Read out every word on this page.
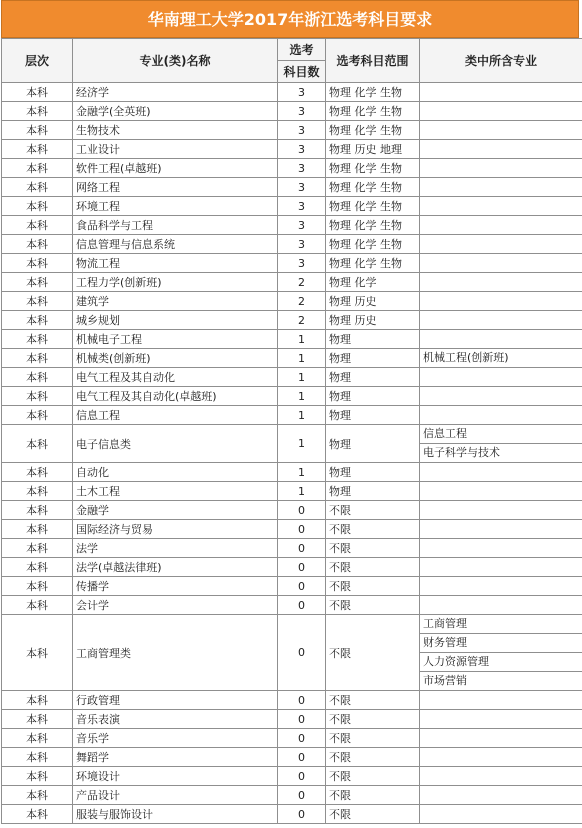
华南理工大学2017年浙江选考科目要求
层次	专业(类)名称	选考	选考科目范围	类中所含专业
		科目数		
本科	经济学	3	物理 化学 生物	
本科	金融学(全英班)	3	物理 化学 生物	
本科	生物技术	3	物理 化学 生物	
本科	工业设计	3	物理 历史 地理	
本科	软件工程(卓越班)	3	物理 化学 生物	
本科	网络工程	3	物理 化学 生物	
本科	环境工程	3	物理 化学 生物	
本科	食品科学与工程	3	物理 化学 生物	
本科	信息管理与信息系统	3	物理 化学 生物	
本科	物流工程	3	物理 化学 生物	
本科	工程力学(创新班)	2	物理 化学	
本科	建筑学	2	物理 历史	
本科	城乡规划	2	物理 历史	
本科	机械电子工程	1	物理	
本科	机械类(创新班)	1	物理	机械工程(创新班)

本科	电气工程及其自动化	1	物理	
本科	电气工程及其自动化(卓越班)	1	物理	
本科	信息工程	1	物理	
本科	电子信息类	1	物理	信息工程
电子科学与技术

本科	自动化	1	物理	
本科	土木工程	1	物理	
本科	金融学	0	不限	
本科	国际经济与贸易	0	不限	
本科	法学	0	不限	
本科	法学(卓越法律班)	0	不限	
本科	传播学	0	不限	
本科	会计学	0	不限	
本科	工商管理类	0	不限	工商管理
财务管理
人力资源管理
市场营销

本科	行政管理	0	不限	
本科	音乐表演	0	不限	
本科	音乐学	0	不限	
本科	舞蹈学	0	不限	
本科	环境设计	0	不限	
本科	产品设计	0	不限	
本科	服装与服饰设计	0	不限	
